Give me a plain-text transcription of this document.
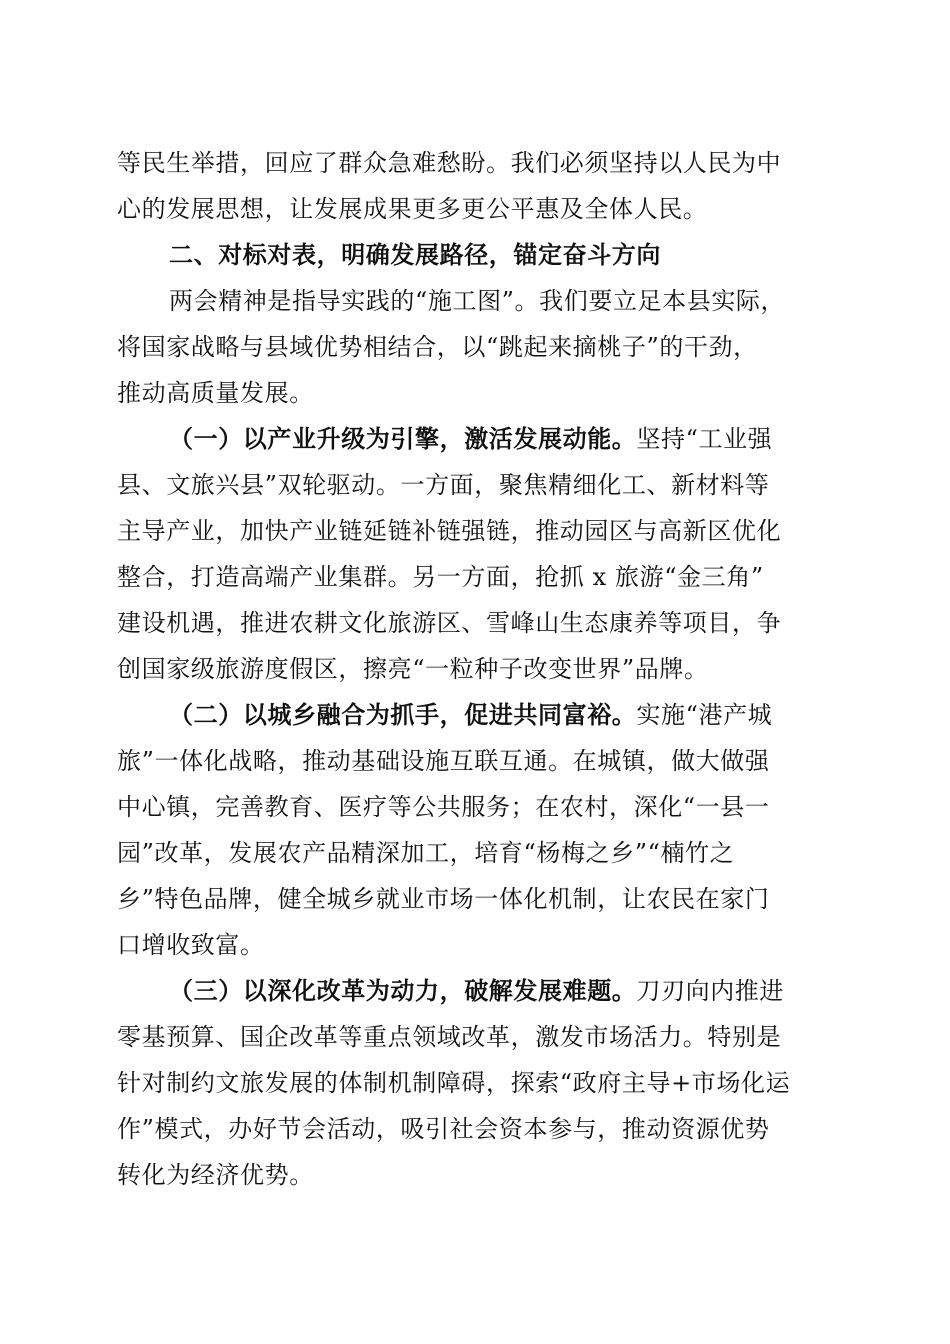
等民生举措，回应了群众急难愁盼。我们必须坚持以人民为中
心的发展思想，让发展成果更多更公平惠及全体人民。
二、对标对表，明确发展路径，锚定奋斗方向
两会精神是指导实践的“施工图”。我们要立足本县实际，
将国家战略与县域优势相结合，以“跳起来摘桃子”的干劲，
推动高质量发展。
（一）以产业升级为引擎，激活发展动能。坚持“工业强
县、文旅兴县”双轮驱动。一方面，聚焦精细化工、新材料等
主导产业，加快产业链延链补链强链，推动园区与高新区优化
整合，打造高端产业集群。另一方面，抢抓 x 旅游“金三角”
建设机遇，推进农耕文化旅游区、雪峰山生态康养等项目，争
创国家级旅游度假区，擦亮“一粒种子改变世界”品牌。
（二）以城乡融合为抓手，促进共同富裕。实施“港产城
旅”一体化战略，推动基础设施互联互通。在城镇，做大做强
中心镇，完善教育、医疗等公共服务；在农村，深化“一县一
园”改革，发展农产品精深加工，培育“杨梅之乡”“楠竹之
乡”特色品牌，健全城乡就业市场一体化机制，让农民在家门
口增收致富。
（三）以深化改革为动力，破解发展难题。刀刃向内推进
零基预算、国企改革等重点领域改革，激发市场活力。特别是
针对制约文旅发展的体制机制障碍，探索“政府主导+市场化运
作”模式，办好节会活动，吸引社会资本参与，推动资源优势
转化为经济优势。
